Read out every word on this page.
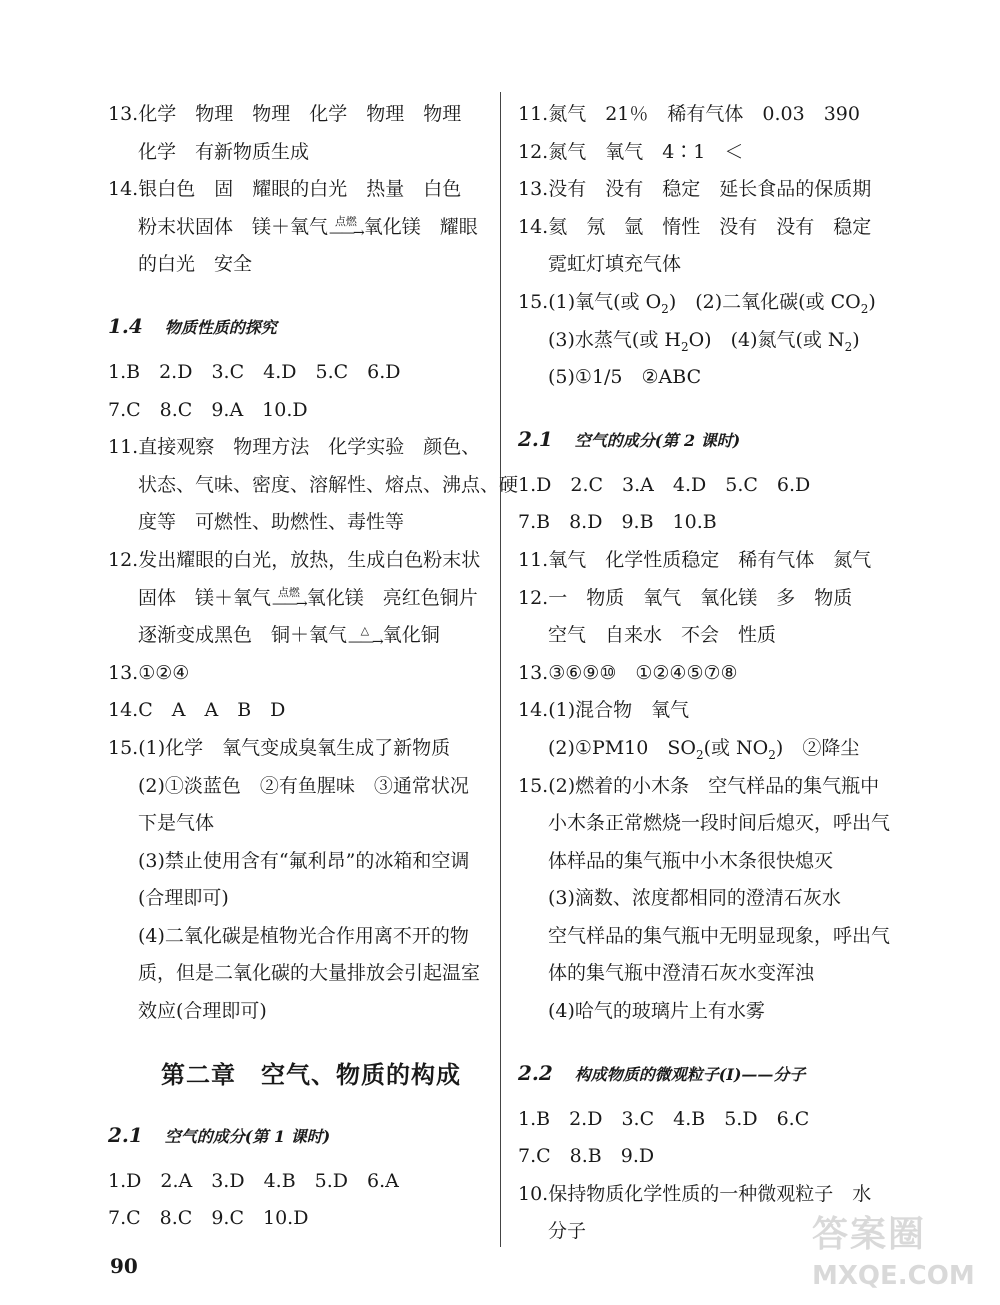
13.化学　物理　物理　化学　物理　物理
化学　有新物质生成
14.银白色　固　耀眼的白光　热量　白色
粉末状固体　镁＋氧气 点燃
——→ 氧化镁　耀眼
的白光　安全
1.4 物质性质的探究
1.B　2.D　3.C　4.D　5.C　6.D
7.C　8.C　9.A　10.D
11.直接观察　物理方法　化学实验　颜色、
状态、气味、密度、溶解性、熔点、沸点、硬
度等　可燃性、助燃性、毒性等
12.发出耀眼的白光，放热，生成白色粉末状
固体　镁＋氧气 点燃
——→ 氧化镁　亮红色铜片
逐渐变成黑色　铜＋氧气 △
——→ 氧化铜
13.①②④
14.C　A　A　B　D
15.(1)化学　氧气变成臭氧生成了新物质
(2)①淡蓝色　②有鱼腥味　③通常状况
下是气体
(3)禁止使用含有“氟利昂”的冰箱和空调
(合理即可)
(4)二氧化碳是植物光合作用离不开的物
质，但是二氧化碳的大量排放会引起温室
效应(合理即可)
第二章　空气、物质的构成
2.1 空气的成分(第 1 课时)
1.D　2.A　3.D　4.B　5.D　6.A
7.C　8.C　9.C　10.D
11.氮气　21％　稀有气体　0.03　390
12.氮气　氧气　4∶1　＜
13.没有　没有　稳定　延长食品的保质期
14.氦　氖　氩　惰性　没有　没有　稳定
霓虹灯填充气体
15.(1)氧气(或 $O_2$)　(2)二氧化碳(或 $CO_2$)
(3)水蒸气(或 $H_2O$)　(4)氮气(或 $N_2$)
(5)①1/5　②ABC
2.1 空气的成分(第 2 课时)
1.D　2.C　3.A　4.D　5.C　6.D
7.B　8.D　9.B　10.B
11.氧气　化学性质稳定　稀有气体　氮气
12.一　物质　氧气　氧化镁　多　物质
空气　自来水　不会　性质
13.③⑥⑨⑩　①②④⑤⑦⑧
14.(1)混合物　氧气
(2)①PM10　$SO_2$(或 $NO_2$)　②降尘
15.(2)燃着的小木条　空气样品的集气瓶中
小木条正常燃烧一段时间后熄灭，呼出气
体样品的集气瓶中小木条很快熄灭
(3)滴数、浓度都相同的澄清石灰水
空气样品的集气瓶中无明显现象，呼出气
体的集气瓶中澄清石灰水变浑浊
(4)哈气的玻璃片上有水雾
2.2 构成物质的微观粒子(Ⅰ)——分子
1.B　2.D　3.C　4.B　5.D　6.C
7.C　8.B　9.D
10.保持物质化学性质的一种微观粒子　水
分子
90
答案圈
MXQE.COM
